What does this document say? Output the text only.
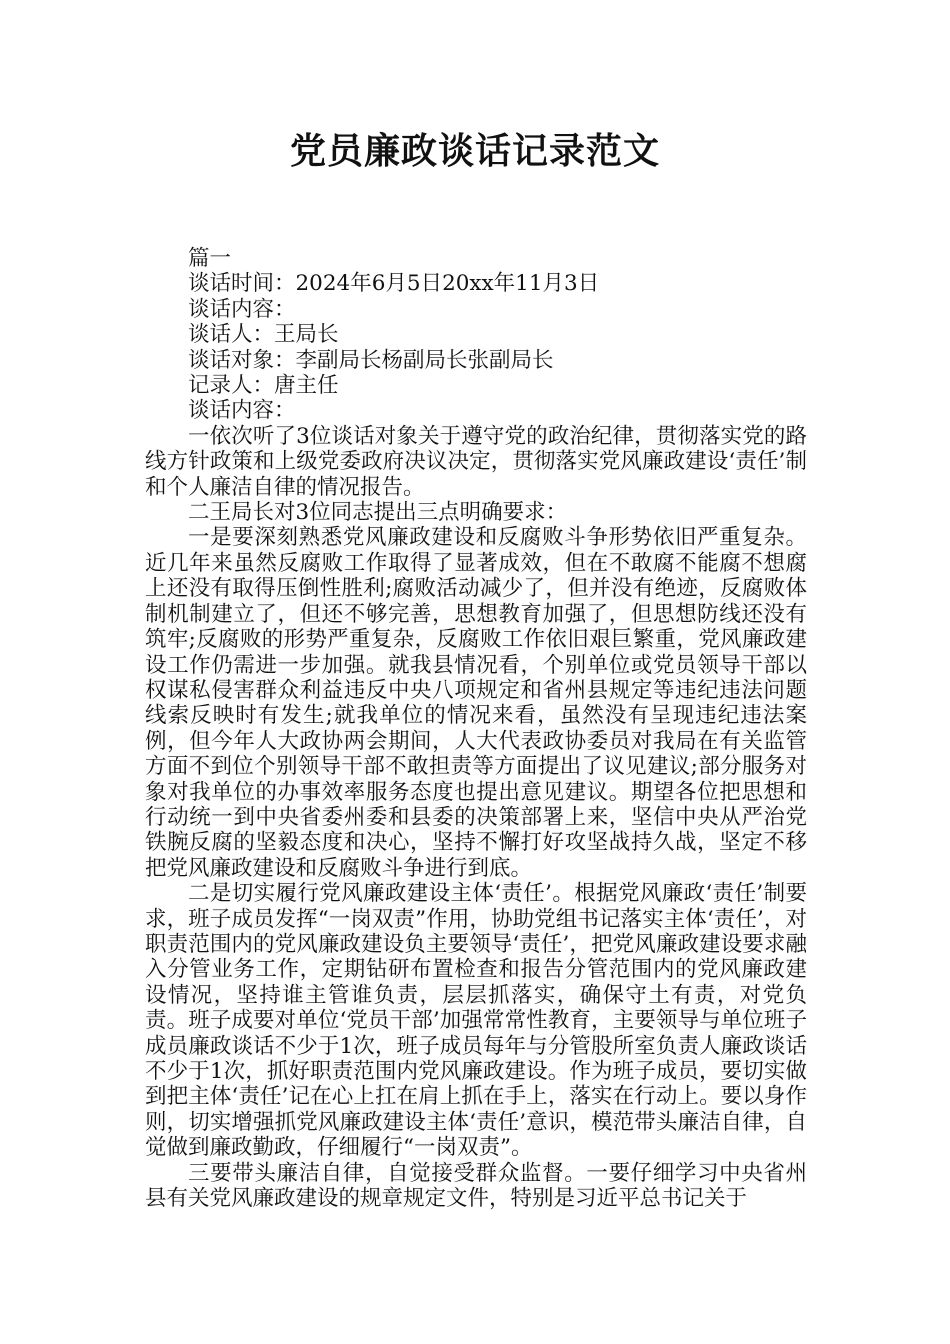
党员廉政谈话记录范文
篇一
谈话时间：2024年6月5日20xx年11月3日
谈话内容：
谈话人：王局长
谈话对象：李副局长杨副局长张副局长
记录人：唐主任
谈话内容：

一依次听了3位谈话对象关于遵守党的政治纪律，贯彻落实党的路线方针政策和上级党委政府决议决定，贯彻落实党风廉政建设‘责任’制和个人廉洁自律的情况报告。

二王局长对3位同志提出三点明确要求：

一是要深刻熟悉党风廉政建设和反腐败斗争形势依旧严重复杂。近几年来虽然反腐败工作取得了显著成效，但在不敢腐不能腐不想腐上还没有取得压倒性胜利;腐败活动减少了，但并没有绝迹，反腐败体制机制建立了，但还不够完善，思想教育加强了，但思想防线还没有筑牢;反腐败的形势严重复杂，反腐败工作依旧艰巨繁重，党风廉政建设工作仍需进一步加强。就我县情况看，个别单位或党员领导干部以权谋私侵害群众利益违反中央八项规定和省州县规定等违纪违法问题线索反映时有发生;就我单位的情况来看，虽然没有呈现违纪违法案例，但今年人大政协两会期间，人大代表政协委员对我局在有关监管方面不到位个别领导干部不敢担责等方面提出了议见建议;部分服务对象对我单位的办事效率服务态度也提出意见建议。期望各位把思想和行动统一到中央省委州委和县委的决策部署上来，坚信中央从严治党铁腕反腐的坚毅态度和决心，坚持不懈打好攻坚战持久战，坚定不移把党风廉政建设和反腐败斗争进行到底。

二是切实履行党风廉政建设主体‘责任’。根据党风廉政‘责任’制要求，班子成员发挥“一岗双责”作用，协助党组书记落实主体‘责任’，对职责范围内的党风廉政建设负主要领导‘责任’，把党风廉政建设要求融入分管业务工作，定期钻研布置检查和报告分管范围内的党风廉政建设情况，坚持谁主管谁负责，层层抓落实，确保守土有责，对党负责。班子成要对单位‘党员干部’加强常常性教育，主要领导与单位班子成员廉政谈话不少于1次，班子成员每年与分管股所室负责人廉政谈话不少于1次，抓好职责范围内党风廉政建设。作为班子成员，要切实做到把主体‘责任’记在心上扛在肩上抓在手上，落实在行动上。要以身作则，切实增强抓党风廉政建设主体‘责任’意识，模范带头廉洁自律，自觉做到廉政勤政，仔细履行“一岗双责”。

三要带头廉洁自律，自觉接受群众监督。一要仔细学习中央省州县有关党风廉政建设的规章规定文件，特别是习近平总书记关于
